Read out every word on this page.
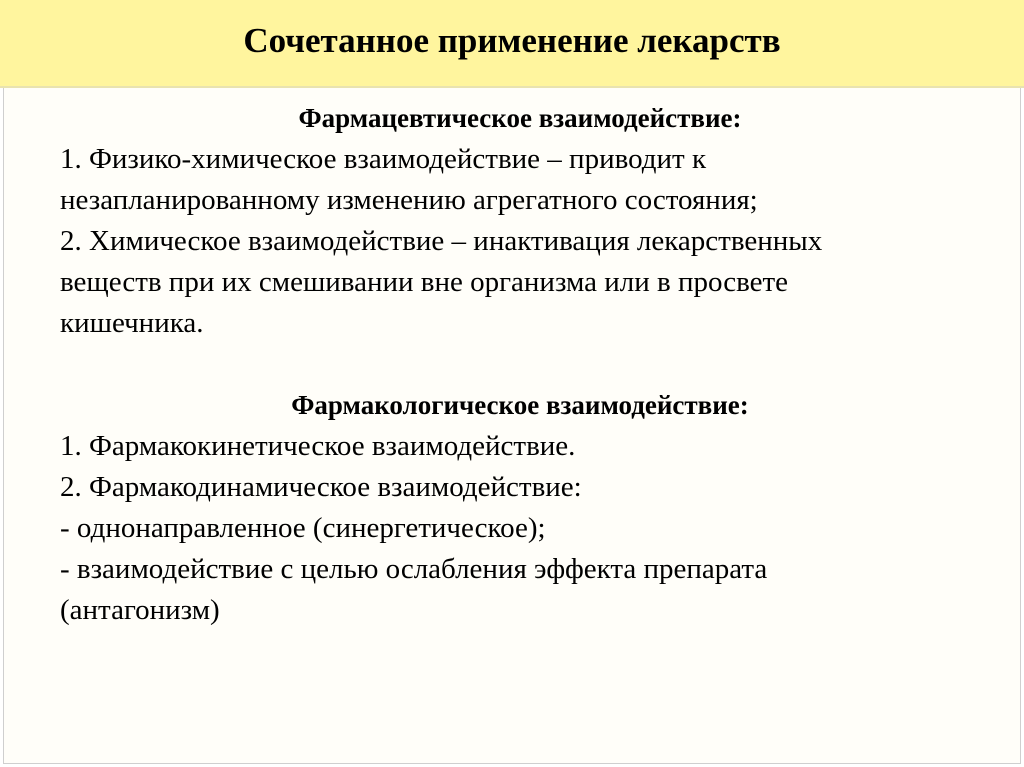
Сочетанное применение лекарств
Фармацевтическое взаимодействие:
1. Физико-химическое взаимодействие – приводит к
незапланированному изменению агрегатного состояния;
2. Химическое взаимодействие – инактивация лекарственных
веществ при их смешивании вне организма или в просвете
кишечника.
Фармакологическое взаимодействие:
1. Фармакокинетическое взаимодействие.
2. Фармакодинамическое взаимодействие:
- однонаправленное (синергетическое);
- взаимодействие с целью ослабления эффекта препарата
(антагонизм)
